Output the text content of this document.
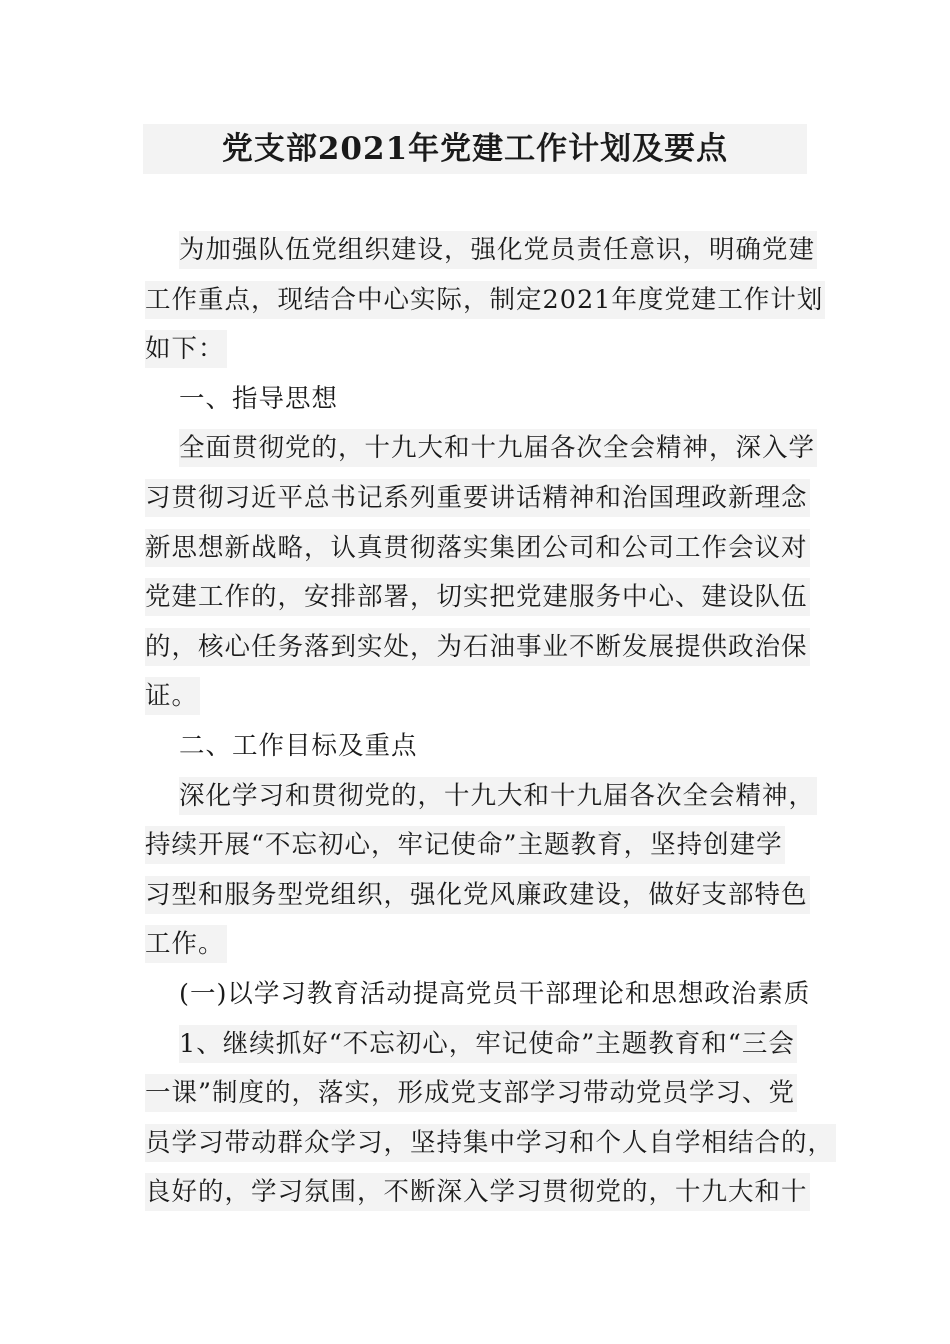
党支部2021年党建工作计划及要点
为加强队伍党组织建设，强化党员责任意识，明确党建
工作重点，现结合中心实际，制定2021年度党建工作计划
如下：
一、指导思想
全面贯彻党的，十九大和十九届各次全会精神，深入学
习贯彻习近平总书记系列重要讲话精神和治国理政新理念
新思想新战略，认真贯彻落实集团公司和公司工作会议对
党建工作的，安排部署，切实把党建服务中心、建设队伍
的，核心任务落到实处，为石油事业不断发展提供政治保
证。
二、工作目标及重点
深化学习和贯彻党的，十九大和十九届各次全会精神，
持续开展“不忘初心，牢记使命”主题教育，坚持创建学
习型和服务型党组织，强化党风廉政建设，做好支部特色
工作。
(一)以学习教育活动提高党员干部理论和思想政治素质
1、继续抓好“不忘初心，牢记使命”主题教育和“三会
一课”制度的，落实，形成党支部学习带动党员学习、党
员学习带动群众学习，坚持集中学习和个人自学相结合的，
良好的，学习氛围，不断深入学习贯彻党的，十九大和十
